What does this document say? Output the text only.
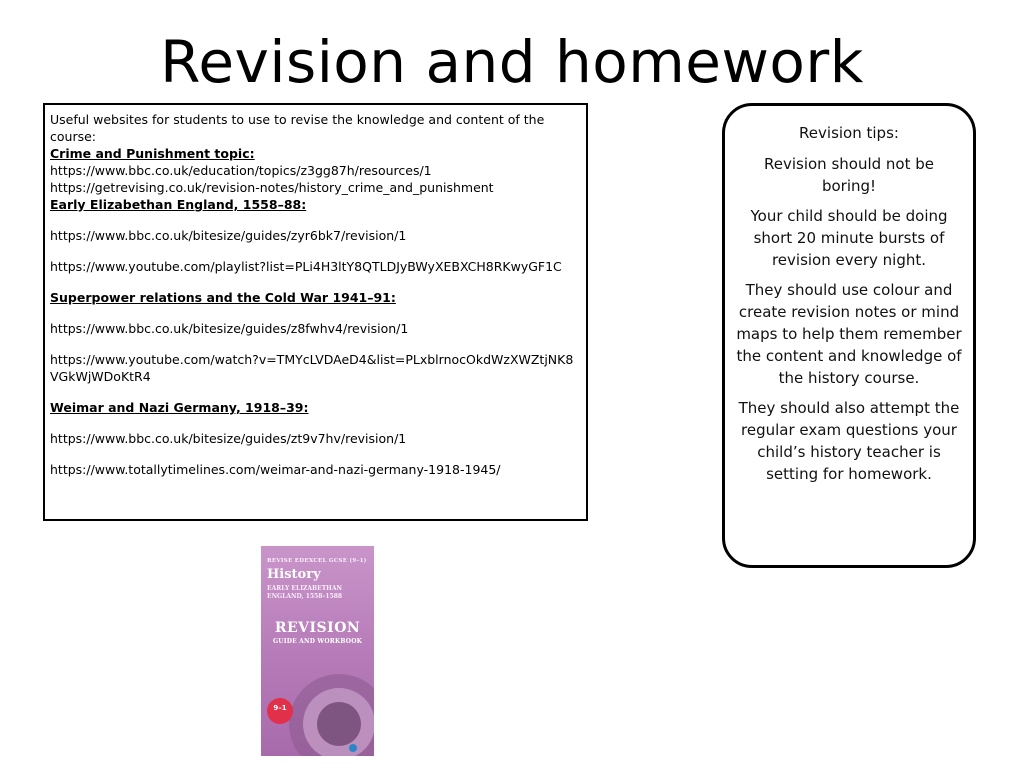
Revision and homework

Useful websites for students to use to revise the knowledge and content of the course:

Crime and Punishment topic:

https://www.bbc.co.uk/education/topics/z3gg87h/resources/1

https://getrevising.co.uk/revision-notes/history_crime_and_punishment

Early Elizabethan England, 1558–88:

https://www.bbc.co.uk/bitesize/guides/zyr6bk7/revision/1

https://www.youtube.com/playlist?list=PLi4H3ltY8QTLDJyBWyXEBXCH8RKwyGF1C

Superpower relations and the Cold War 1941–91:

https://www.bbc.co.uk/bitesize/guides/z8fwhv4/revision/1

https://www.youtube.com/watch?v=TMYcLVDAeD4&list=PLxblrnocOkdWzXWZtjNK8VGkWjWDoKtR4

Weimar and Nazi Germany, 1918–39:

https://www.bbc.co.uk/bitesize/guides/zt9v7hv/revision/1

https://www.totallytimelines.com/weimar-and-nazi-germany-1918-1945/

Revision tips:

Revision should not be boring!

Your child should be doing short 20 minute bursts of revision every night.

They should use colour and create revision notes or mind maps to help them remember the content and knowledge of the history course.

They should also attempt the regular exam questions your child’s history teacher is setting for homework.

REVISE EDEXCEL GCSE (9–1)
History
EARLY ELIZABETHAN
ENGLAND, 1558–1588
REVISION
GUIDE AND WORKBOOK
9–1
